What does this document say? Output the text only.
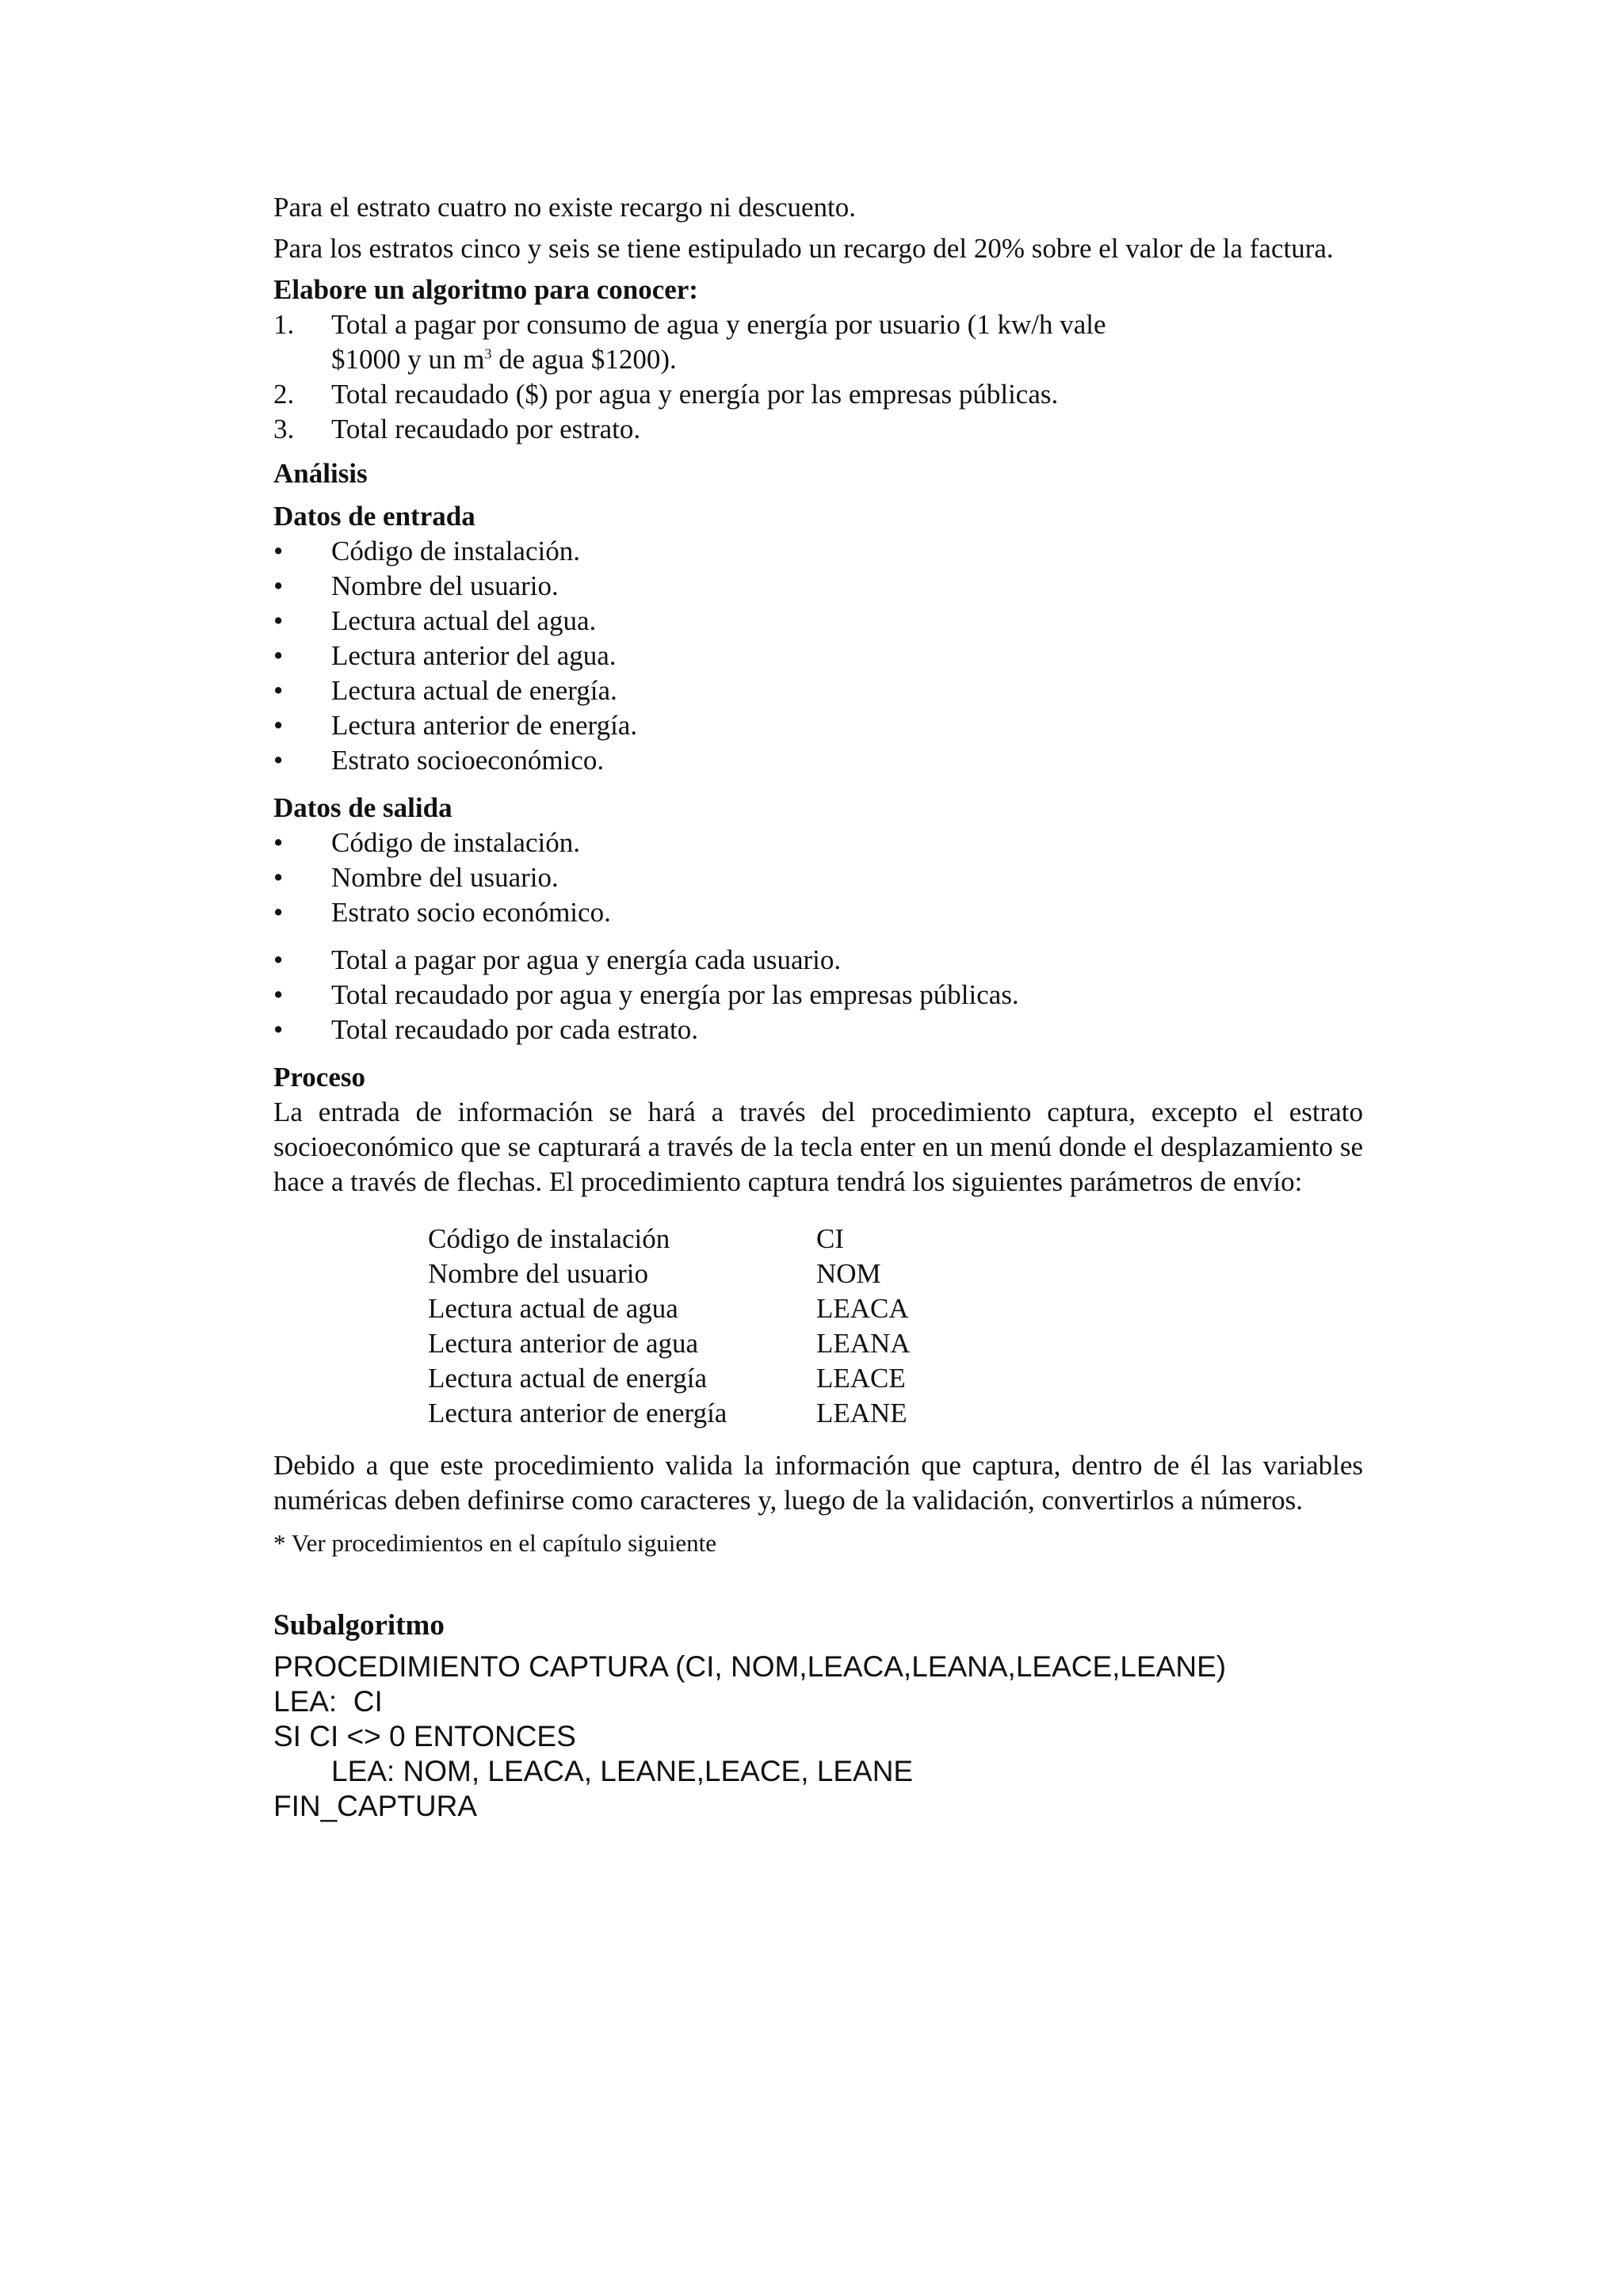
Para el estrato cuatro no existe recargo ni descuento.

Para los estratos cinco y seis se tiene estipulado un recargo del 20% sobre el valor de la factura.

Elabore un algoritmo para conocer:

1.	Total a pagar por consumo de agua y energía por usuario (1 kw/h vale
$1000 y un $m^3$ de agua $1200).
2.	Total recaudado ($) por agua y energía por las empresas públicas.
3.	Total recaudado por estrato.

Análisis

Datos de entrada

•	Código de instalación.
•	Nombre del usuario.
•	Lectura actual del agua.
•	Lectura anterior del agua.
•	Lectura actual de energía.
•	Lectura anterior de energía.
•	Estrato socioeconómico.

Datos de salida

•	Código de instalación.
•	Nombre del usuario.
•	Estrato socio económico.
•	Total a pagar por agua y energía cada usuario.
•	Total recaudado por agua y energía por las empresas públicas.
•	Total recaudado por cada estrato.

Proceso

La entrada de información se hará a través del procedimiento captura, excepto el estrato socioeconómico que se capturará a través de la tecla enter en un menú donde el desplazamiento se hace a través de flechas. El procedimiento captura tendrá los siguientes parámetros de envío:

Código de instalación	CI
Nombre del usuario	NOM
Lectura actual de agua	LEACA
Lectura anterior de agua	LEANA
Lectura actual de energía	LEACE
Lectura anterior de energía	LEANE

Debido a que este procedimiento valida la información que captura, dentro de él las variables numéricas deben definirse como caracteres y, luego de la validación, convertirlos a números.

* Ver procedimientos en el capítulo siguiente

Subalgoritmo

PROCEDIMIENTO CAPTURA (CI, NOM,LEACA,LEANA,LEACE,LEANE)
LEA:  CI
SI CI <> 0 ENTONCES
LEA: NOM, LEACA, LEANE,LEACE, LEANE
FIN_CAPTURA
